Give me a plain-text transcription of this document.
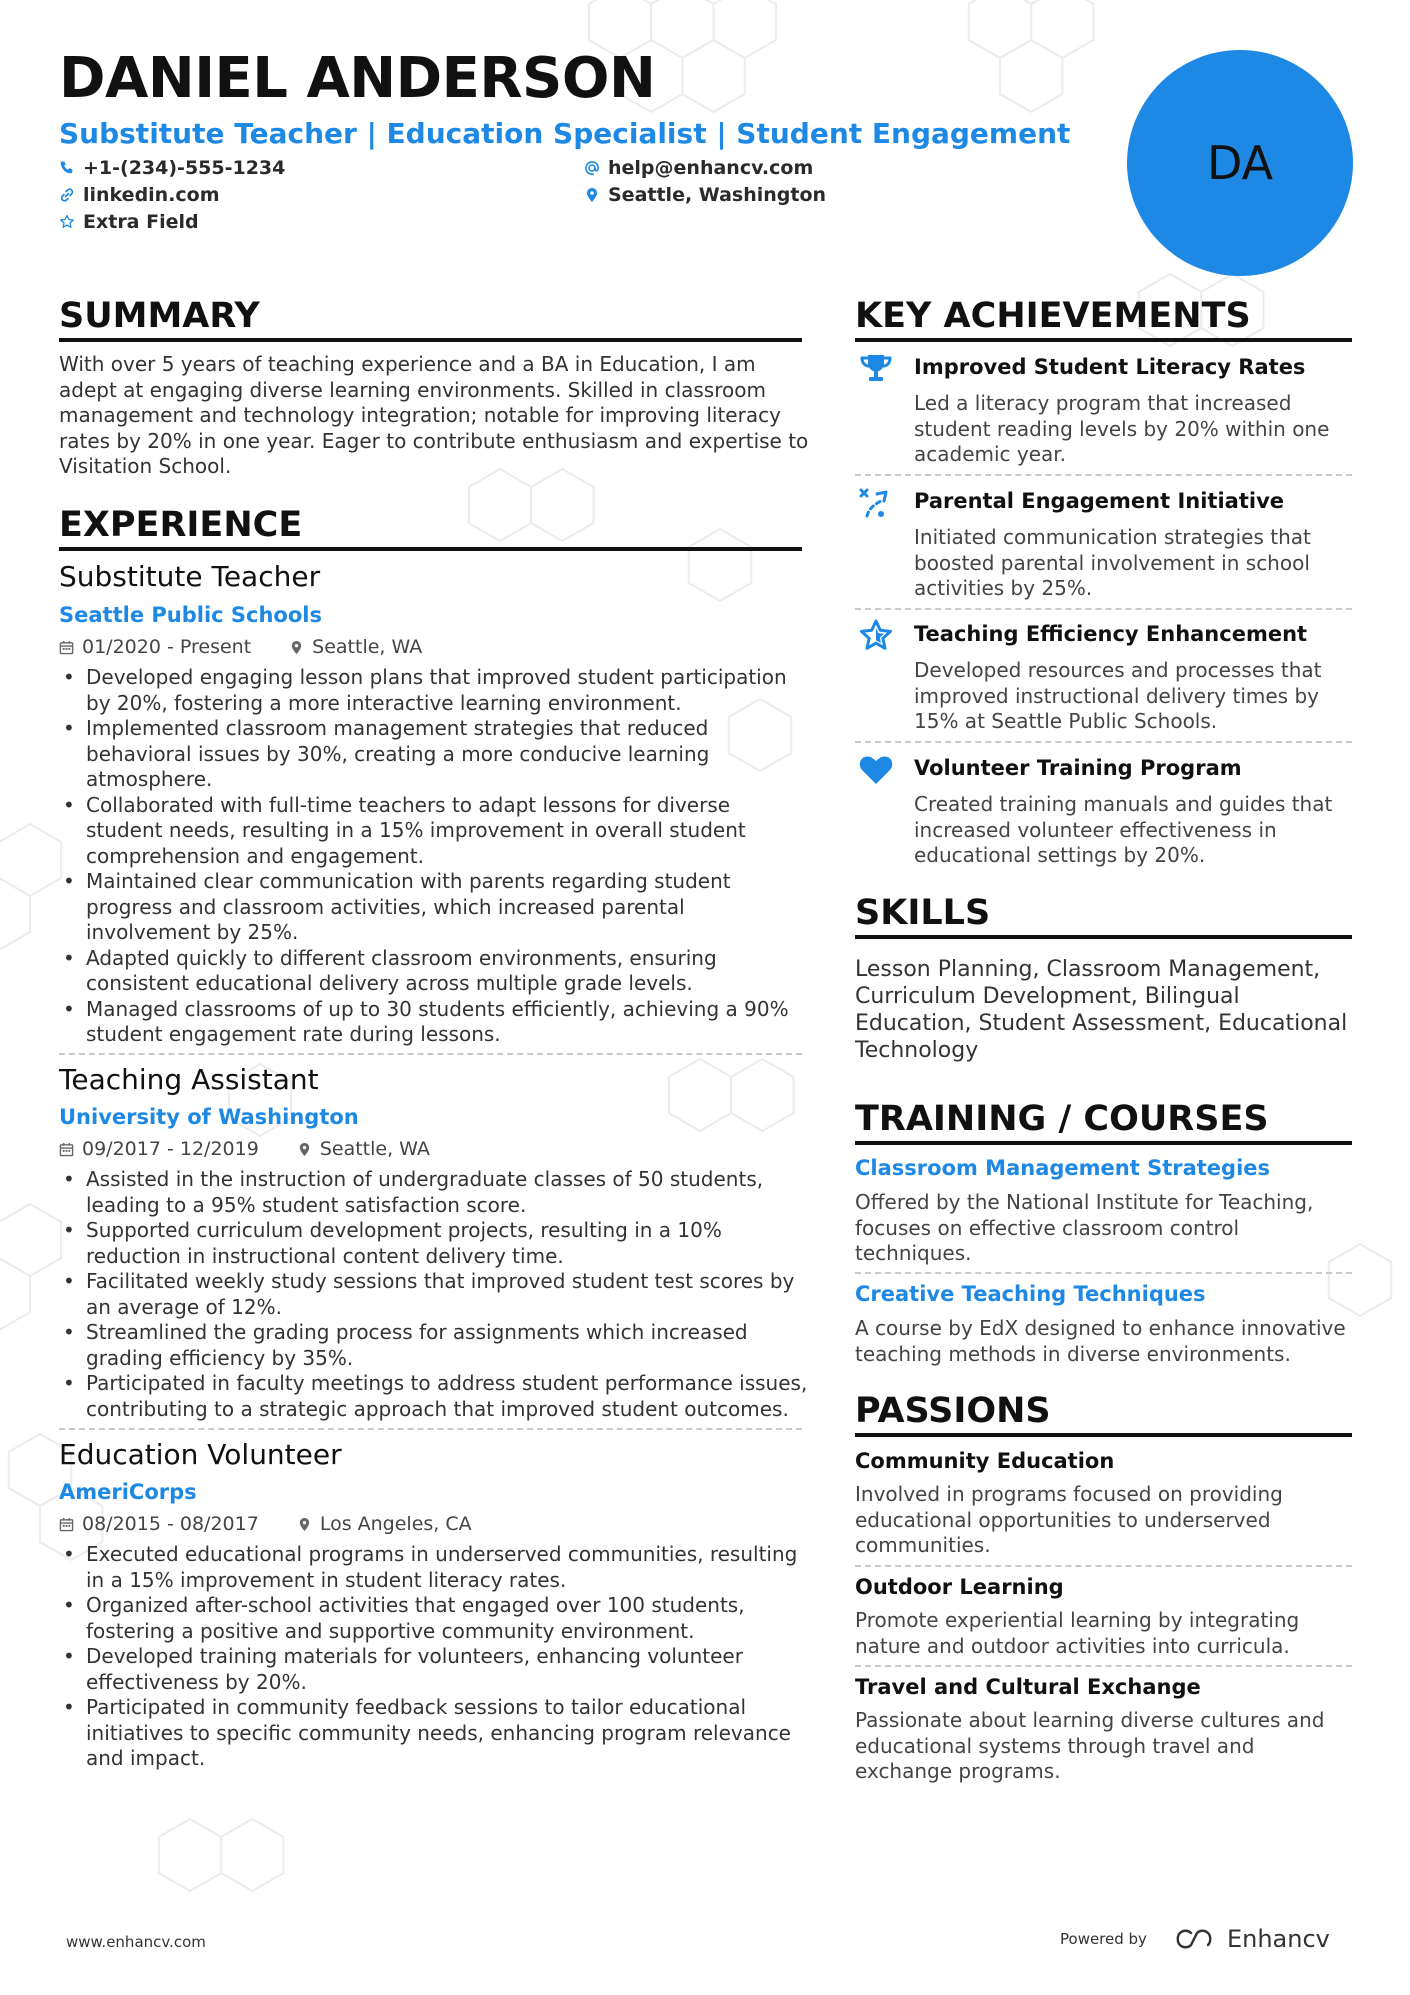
DANIEL ANDERSON
Substitute Teacher | Education Specialist | Student Engagement
+1-(234)-555-1234	help@enhancv.com
linkedin.com	Seattle, Washington
Extra Field
DA
SUMMARY
With over 5 years of teaching experience and a BA in Education, I am adept at engaging diverse learning environments. Skilled in classroom management and technology integration; notable for improving literacy rates by 20% in one year. Eager to contribute enthusiasm and expertise to Visitation School.
EXPERIENCE
Substitute Teacher
Seattle Public Schools
01/2020 - Present	Seattle, WA
• Developed engaging lesson plans that improved student participation by 20%, fostering a more interactive learning environment.
• Implemented classroom management strategies that reduced behavioral issues by 30%, creating a more conducive learning atmosphere.
• Collaborated with full-time teachers to adapt lessons for diverse student needs, resulting in a 15% improvement in overall student comprehension and engagement.
• Maintained clear communication with parents regarding student progress and classroom activities, which increased parental involvement by 25%.
• Adapted quickly to different classroom environments, ensuring consistent educational delivery across multiple grade levels.
• Managed classrooms of up to 30 students efficiently, achieving a 90% student engagement rate during lessons.
Teaching Assistant
University of Washington
09/2017 - 12/2019	Seattle, WA
• Assisted in the instruction of undergraduate classes of 50 students, leading to a 95% student satisfaction score.
• Supported curriculum development projects, resulting in a 10% reduction in instructional content delivery time.
• Facilitated weekly study sessions that improved student test scores by an average of 12%.
• Streamlined the grading process for assignments which increased grading efficiency by 35%.
• Participated in faculty meetings to address student performance issues, contributing to a strategic approach that improved student outcomes.
Education Volunteer
AmeriCorps
08/2015 - 08/2017	Los Angeles, CA
• Executed educational programs in underserved communities, resulting in a 15% improvement in student literacy rates.
• Organized after-school activities that engaged over 100 students, fostering a positive and supportive community environment.
• Developed training materials for volunteers, enhancing volunteer effectiveness by 20%.
• Participated in community feedback sessions to tailor educational initiatives to specific community needs, enhancing program relevance and impact.
KEY ACHIEVEMENTS
Improved Student Literacy Rates
Led a literacy program that increased student reading levels by 20% within one academic year.
Parental Engagement Initiative
Initiated communication strategies that boosted parental involvement in school activities by 25%.
Teaching Efficiency Enhancement
Developed resources and processes that improved instructional delivery times by 15% at Seattle Public Schools.
Volunteer Training Program
Created training manuals and guides that increased volunteer effectiveness in educational settings by 20%.
SKILLS
Lesson Planning, Classroom Management, Curriculum Development, Bilingual Education, Student Assessment, Educational Technology
TRAINING / COURSES
Classroom Management Strategies
Offered by the National Institute for Teaching, focuses on effective classroom control techniques.
Creative Teaching Techniques
A course by EdX designed to enhance innovative teaching methods in diverse environments.
PASSIONS
Community Education
Involved in programs focused on providing educational opportunities to underserved communities.
Outdoor Learning
Promote experiential learning by integrating nature and outdoor activities into curricula.
Travel and Cultural Exchange
Passionate about learning diverse cultures and educational systems through travel and exchange programs.
www.enhancv.com	Powered by	Enhancv
